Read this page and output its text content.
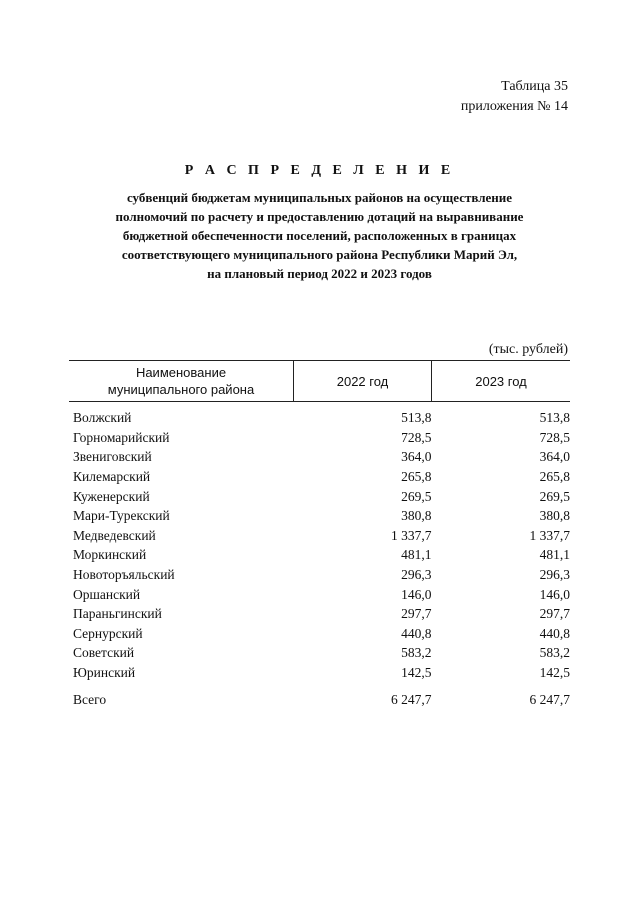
Таблица 35
приложения № 14
Р А С П Р Е Д Е Л Е Н И Е
субвенций бюджетам муниципальных районов на осуществление
полномочий по расчету и предоставлению дотаций на выравнивание
бюджетной обеспеченности поселений, расположенных в границах
соответствующего муниципального района Республики Марий Эл,
на плановый период 2022 и 2023 годов
(тыс. рублей)
Наименование
муниципального района	2022 год	2023 год
Волжский	513,8	513,8
Горномарийский	728,5	728,5
Звениговский	364,0	364,0
Килемарский	265,8	265,8
Куженерский	269,5	269,5
Мари-Турекский	380,8	380,8
Медведевский	1 337,7	1 337,7
Моркинский	481,1	481,1
Новоторъяльский	296,3	296,3
Оршанский	146,0	146,0
Параньгинский	297,7	297,7
Сернурский	440,8	440,8
Советский	583,2	583,2
Юринский	142,5	142,5
Всего	6 247,7	6 247,7
